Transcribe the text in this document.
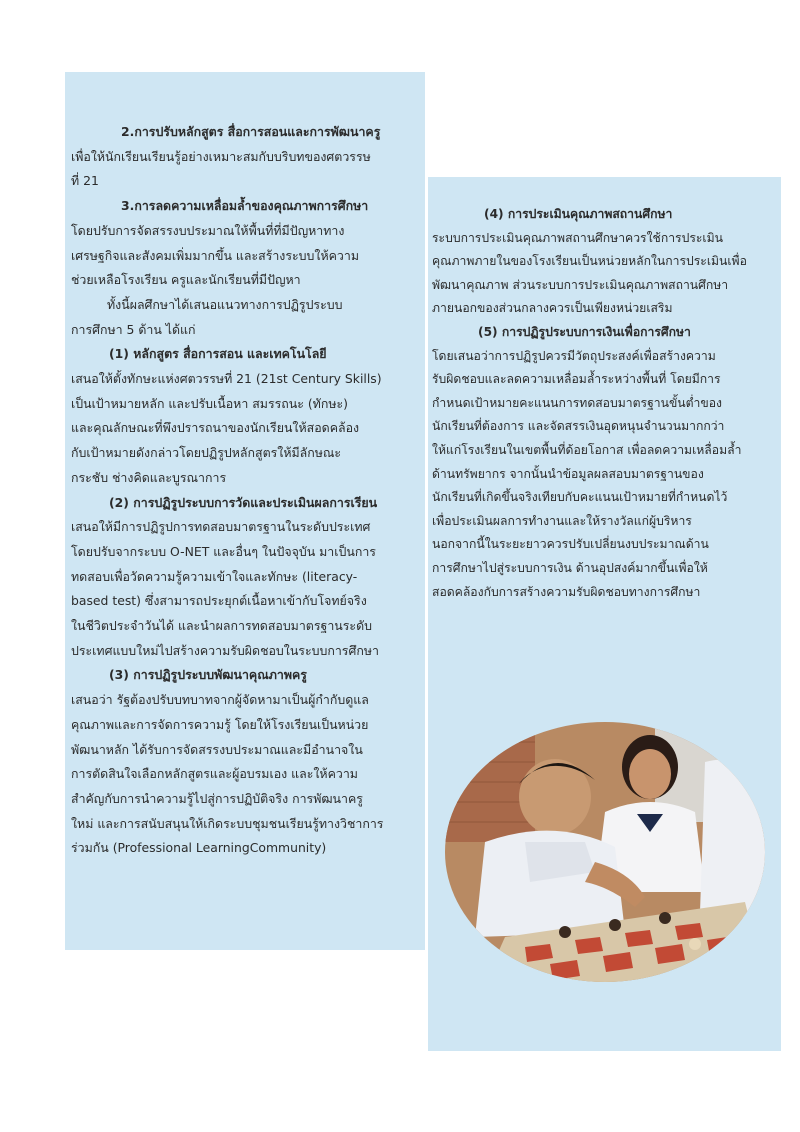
2.การปรับหลักสูตร สื่อการสอนและการพัฒนาครู
เพื่อให้นักเรียนเรียนรู้อย่างเหมาะสมกับบริบทของศตวรรษ
ที่ 21
3.การลดความเหลื่อมล้ำของคุณภาพการศึกษา
โดยปรับการจัดสรรงบประมาณให้พื้นที่ที่มีปัญหาทาง
เศรษฐกิจและสังคมเพิ่มมากขึ้น และสร้างระบบให้ความ
ช่วยเหลือโรงเรียน ครูและนักเรียนที่มีปัญหา
ทั้งนี้ผลศึกษาได้เสนอแนวทางการปฏิรูประบบ
การศึกษา 5 ด้าน ได้แก่
(1) หลักสูตร สื่อการสอน และเทคโนโลยี
เสนอให้ตั้งทักษะแห่งศตวรรษที่ 21 (21st Century Skills)
เป็นเป้าหมายหลัก และปรับเนื้อหา สมรรถนะ (ทักษะ)
และคุณลักษณะที่พึงปรารถนาของนักเรียนให้สอดคล้อง
กับเป้าหมายดังกล่าวโดยปฏิรูปหลักสูตรให้มีลักษณะ
กระชับ ช่างคิดและบูรณาการ
(2) การปฏิรูประบบการวัดและประเมินผลการเรียน
เสนอให้มีการปฏิรูปการทดสอบมาตรฐานในระดับประเทศ
โดยปรับจากระบบ O-NET และอื่นๆ ในปัจจุบัน มาเป็นการ
ทดสอบเพื่อวัดความรู้ความเข้าใจและทักษะ (literacy-
based test) ซึ่งสามารถประยุกต์เนื้อหาเข้ากับโจทย์จริง
ในชีวิตประจำวันได้ และนำผลการทดสอบมาตรฐานระดับ
ประเทศแบบใหม่ไปสร้างความรับผิดชอบในระบบการศึกษา
(3) การปฏิรูประบบพัฒนาคุณภาพครู
เสนอว่า รัฐต้องปรับบทบาทจากผู้จัดหามาเป็นผู้กำกับดูแล
คุณภาพและการจัดการความรู้ โดยให้โรงเรียนเป็นหน่วย
พัฒนาหลัก ได้รับการจัดสรรงบประมาณและมีอำนาจใน
การตัดสินใจเลือกหลักสูตรและผู้อบรมเอง และให้ความ
สำคัญกับการนำความรู้ไปสู่การปฏิบัติจริง การพัฒนาครู
ใหม่ และการสนับสนุนให้เกิดระบบชุมชนเรียนรู้ทางวิชาการ
ร่วมกัน (Professional LearningCommunity)
(4) การประเมินคุณภาพสถานศึกษา
ระบบการประเมินคุณภาพสถานศึกษาควรใช้การประเมิน
คุณภาพภายในของโรงเรียนเป็นหน่วยหลักในการประเมินเพื่อ
พัฒนาคุณภาพ ส่วนระบบการประเมินคุณภาพสถานศึกษา
ภายนอกของส่วนกลางควรเป็นเพียงหน่วยเสริม
(5) การปฏิรูประบบการเงินเพื่อการศึกษา
โดยเสนอว่าการปฏิรูปควรมีวัตถุประสงค์เพื่อสร้างความ
รับผิดชอบและลดความเหลื่อมล้ำระหว่างพื้นที่ โดยมีการ
กำหนดเป้าหมายคะแนนการทดสอบมาตรฐานขั้นต่ำของ
นักเรียนที่ต้องการ และจัดสรรเงินอุดหนุนจำนวนมากกว่า
ให้แก่โรงเรียนในเขตพื้นที่ด้อยโอกาส เพื่อลดความเหลื่อมล้ำ
ด้านทรัพยากร จากนั้นนำข้อมูลผลสอบมาตรฐานของ
นักเรียนที่เกิดขึ้นจริงเทียบกับคะแนนเป้าหมายที่กำหนดไว้
เพื่อประเมินผลการทำงานและให้รางวัลแก่ผู้บริหาร
นอกจากนี้ในระยะยาวควรปรับเปลี่ยนงบประมาณด้าน
การศึกษาไปสู่ระบบการเงิน ด้านอุปสงค์มากขึ้นเพื่อให้
สอดคล้องกับการสร้างความรับผิดชอบทางการศึกษา
